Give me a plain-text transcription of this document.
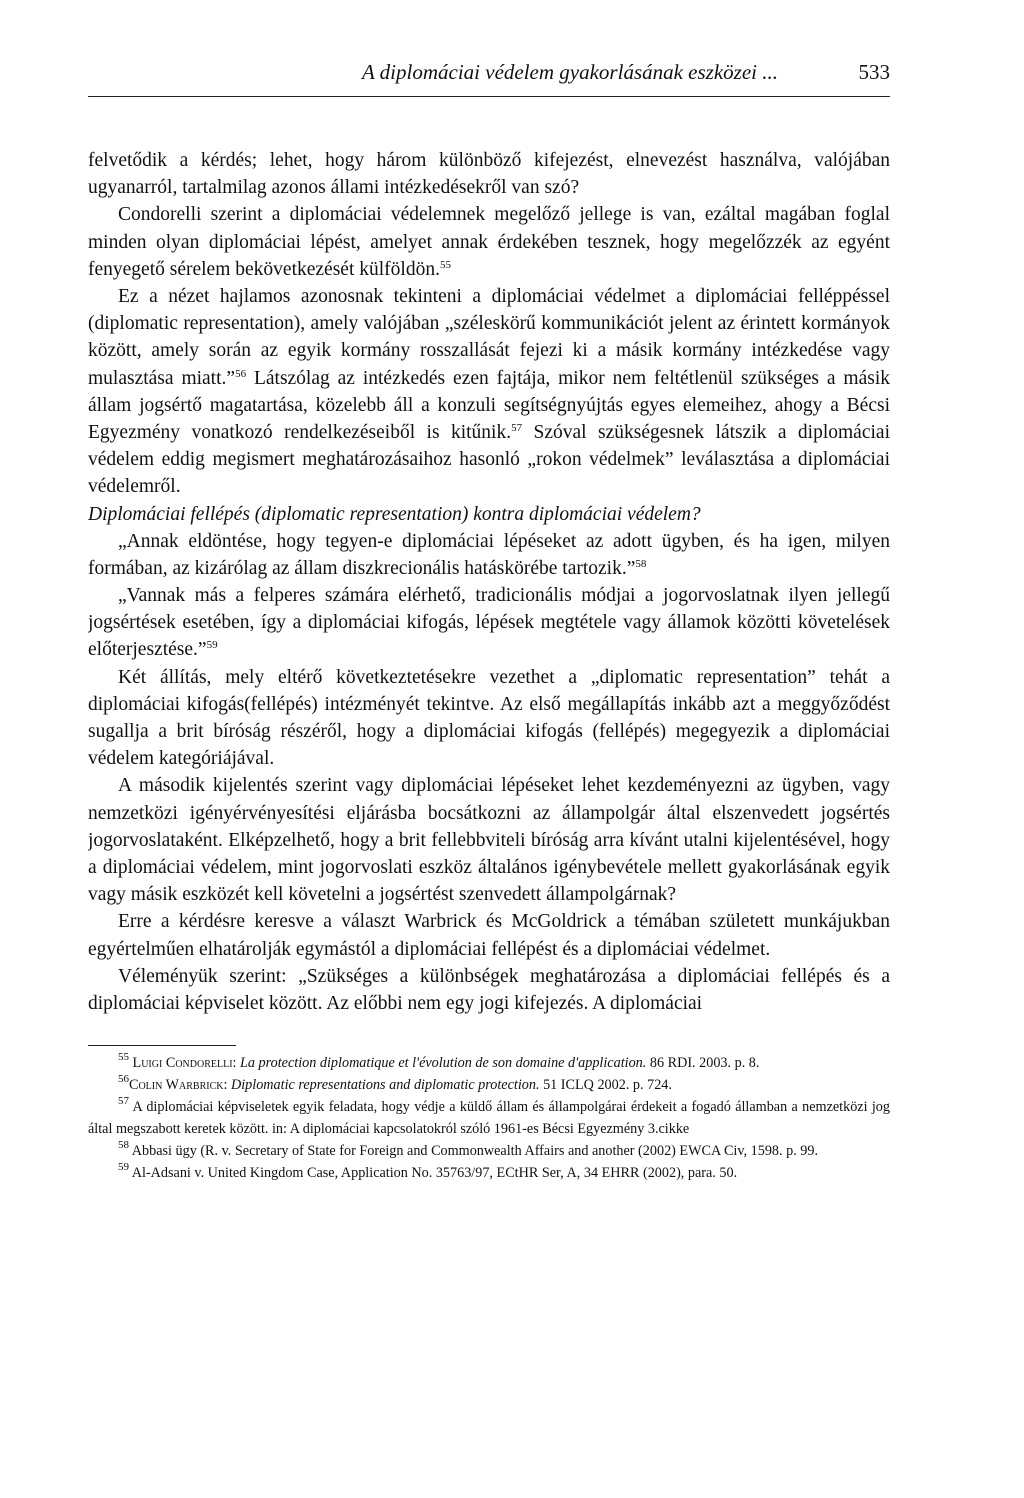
A diplomáciai védelem gyakorlásának eszközei ...	533

felvetődik a kérdés; lehet, hogy három különböző kifejezést, elnevezést használva, valójában ugyanarról, tartalmilag azonos állami intézkedésekről van szó?

Condorelli szerint a diplomáciai védelemnek megelőző jellege is van, ezáltal magában foglal minden olyan diplomáciai lépést, amelyet annak érdekében tesznek, hogy megelőzzék az egyént fenyegető sérelem bekövetkezését külföldön.$^{55}$

Ez a nézet hajlamos azonosnak tekinteni a diplomáciai védelmet a diplomáciai felléppéssel (diplomatic representation), amely valójában „széleskörű kommunikációt jelent az érintett kormányok között, amely során az egyik kormány rosszallását fejezi ki a másik kormány intézkedése vagy mulasztása miatt.”$^{56}$ Látszólag az intézkedés ezen fajtája, mikor nem feltétlenül szükséges a másik állam jogsértő magatartása, közelebb áll a konzuli segítségnyújtás egyes elemeihez, ahogy a Bécsi Egyezmény vonatkozó rendelkezéseiből is kitűnik.$^{57}$ Szóval szükségesnek látszik a diplomáciai védelem eddig megismert meghatározásaihoz hasonló „rokon védelmek” leválasztása a diplomáciai védelemről.

Diplomáciai fellépés (diplomatic representation) kontra diplomáciai védelem?

„Annak eldöntése, hogy tegyen-e diplomáciai lépéseket az adott ügyben, és ha igen, milyen formában, az kizárólag az állam diszkrecionális hatáskörébe tartozik.”$^{58}$

„Vannak más a felperes számára elérhető, tradicionális módjai a jogorvoslatnak ilyen jellegű jogsértések esetében, így a diplomáciai kifogás, lépések megtétele vagy államok közötti követelések előterjesztése.”$^{59}$

Két állítás, mely eltérő következtetésekre vezethet a „diplomatic representation” tehát a diplomáciai kifogás(fellépés) intézményét tekintve. Az első megállapítás inkább azt a meggyőződést sugallja a brit bíróság részéről, hogy a diplomáciai kifogás (fellépés) megegyezik a diplomáciai védelem kategóriájával.

A második kijelentés szerint vagy diplomáciai lépéseket lehet kezdeményezni az ügyben, vagy nemzetközi igényérvényesítési eljárásba bocsátkozni az állampolgár által elszenvedett jogsértés jogorvoslataként. Elképzelhető, hogy a brit fellebbviteli bíróság arra kívánt utalni kijelentésével, hogy a diplomáciai védelem, mint jogorvoslati eszköz általános igénybevétele mellett gyakorlásának egyik vagy másik eszközét kell követelni a jogsértést szenvedett állampolgárnak?

Erre a kérdésre keresve a választ Warbrick és McGoldrick a témában született munkájukban egyértelműen elhatárolják egymástól a diplomáciai fellépést és a diplomáciai védelmet.

Véleményük szerint: „Szükséges a különbségek meghatározása a diplomáciai fellépés és a diplomáciai képviselet között. Az előbbi nem egy jogi kifejezés. A diplomáciai

$^{55}$ Luigi Condorelli: La protection diplomatique et l'évolution de son domaine d'application. 86 RDI. 2003. p. 8.

$^{56}$Colin Warbrick: Diplomatic representations and diplomatic protection. 51 ICLQ 2002. p. 724.

$^{57}$ A diplomáciai képviseletek egyik feladata, hogy védje a küldő állam és állampolgárai érdekeit a fogadó államban a nemzetközi jog által megszabott keretek között. in: A diplomáciai kapcsolatokról szóló 1961-es Bécsi Egyezmény 3.cikke

$^{58}$ Abbasi ügy (R. v. Secretary of State for Foreign and Commonwealth Affairs and another (2002) EWCA Civ, 1598. p. 99.

$^{59}$ Al-Adsani v. United Kingdom Case, Application No. 35763/97, ECtHR Ser, A, 34 EHRR (2002), para. 50.
